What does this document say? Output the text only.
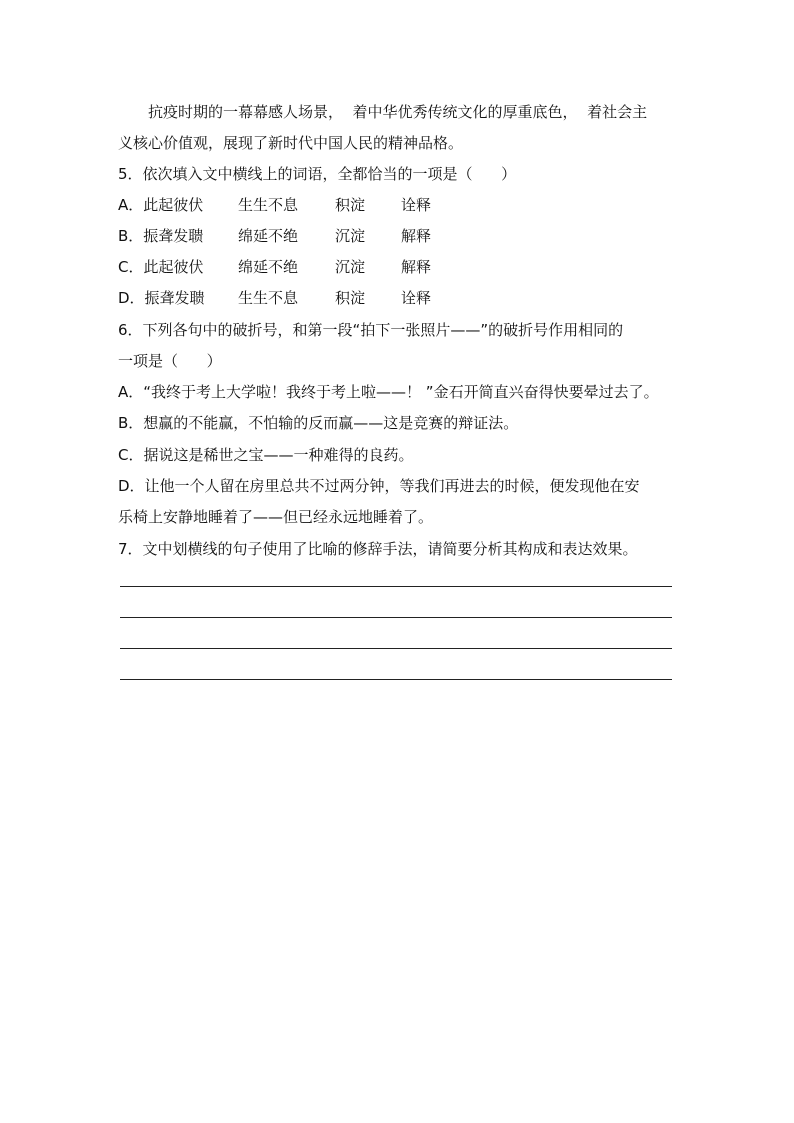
抗疫时期的一幕幕感人场景，  着中华优秀传统文化的厚重底色，  着社会主
义核心价值观，展现了新时代中国人民的精神品格。
5．依次填入文中横线上的词语，全都恰当的一项是（      ）

A．此起彼伏

生生不息

积淀

诠释

B．振聋发聩

绵延不绝

沉淀

解释

C．此起彼伏

绵延不绝

沉淀

解释

D．振聋发聩

生生不息

积淀

诠释

6．下列各句中的破折号，和第一段“拍下一张照片——”的破折号作用相同的
一项是（      ）
A．“我终于考上大学啦！我终于考上啦——！ ”金石开简直兴奋得快要晕过去了。
B．想赢的不能赢，不怕输的反而赢——这是竞赛的辩证法。
C．据说这是稀世之宝——一种难得的良药。
D．让他一个人留在房里总共不过两分钟，等我们再进去的时候，便发现他在安
乐椅上安静地睡着了——但已经永远地睡着了。
7．文中划横线的句子使用了比喻的修辞手法，请简要分析其构成和表达效果。
